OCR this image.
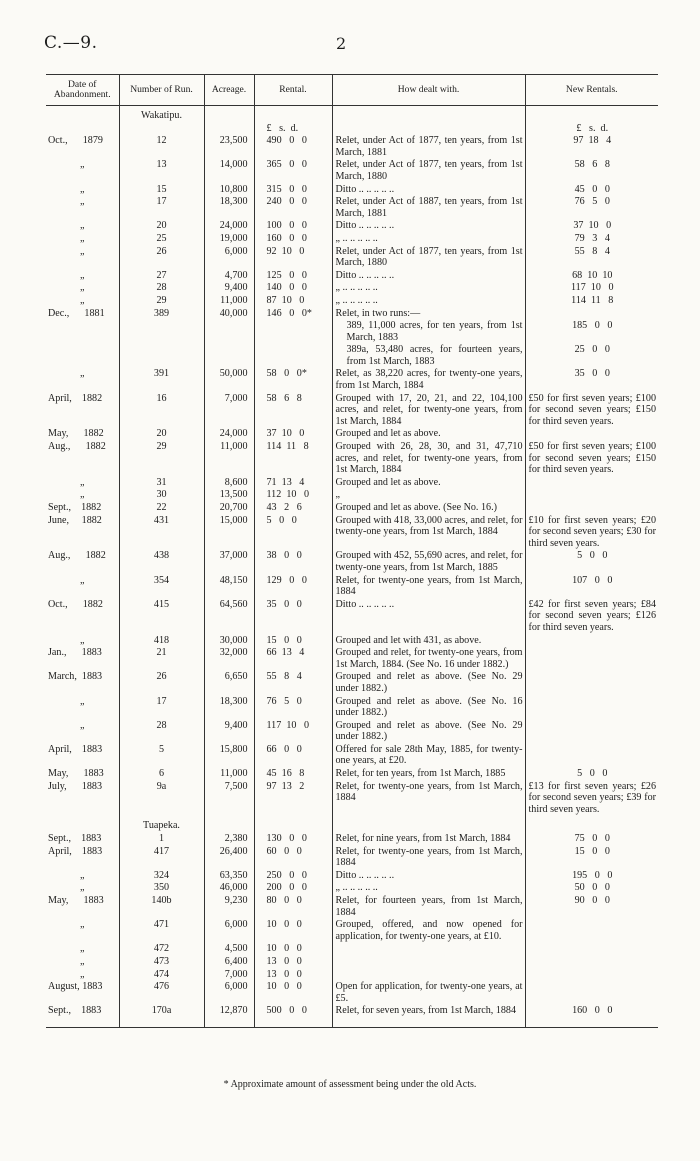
C.—9.	2
Date of Abandonment.	Number of Run.	Acreage.	Rental.	How dealt with.	New Rentals.
	Wakatipu.				
			£   s.  d.		£   s.  d.
Oct.,      1879	12	23,500	490   0   0	Relet, under Act of 1877, ten years, from 1st March, 1881	97  18   4
„	13	14,000	365   0   0	Relet, under Act of 1877, ten years, from 1st March, 1880	58   6   8
„	15	10,800	315   0   0	Ditto .. .. .. .. ..	45   0   0
„	17	18,300	240   0   0	Relet, under Act of 1887, ten years, from 1st March, 1881	76   5   0
„	20	24,000	100   0   0	Ditto .. .. .. .. ..	37  10   0
„	25	19,000	160   0   0	„ .. .. .. .. ..	79   3   4
„	26	6,000	92  10   0	Relet, under Act of 1877, ten years, from 1st March, 1880	55   8   4
„	27	4,700	125   0   0	Ditto .. .. .. .. ..	68  10  10
„	28	9,400	140   0   0	„ .. .. .. .. ..	117  10   0
„	29	11,000	87  10   0	„ .. .. .. .. ..	114  11   8
Dec.,      1881	389	40,000	146   0   0*	Relet, in two runs:—	
				389, 11,000 acres, for ten years, from 1st March, 1883	185   0   0
				389a, 53,480 acres, for fourteen years, from 1st March, 1883	25   0   0
„	391	50,000	58   0   0*	Relet, as 38,220 acres, for twenty-one years, from 1st March, 1884	35   0   0
April,    1882	16	7,000	58   6   8	Grouped with 17, 20, 21, and 22, 104,100 acres, and relet, for twenty-one years, from 1st March, 1884	£50 for first seven years; £100 for second seven years; £150 for third seven years.
May,      1882	20	24,000	37  10   0	Grouped and let as above.	
Aug.,      1882	29	11,000	114  11   8	Grouped with 26, 28, 30, and 31, 47,710 acres, and relet, for twenty-one years, from 1st March, 1884	£50 for first seven years; £100 for second seven years; £150 for third seven years.
„	31	8,600	71  13   4	Grouped and let as above.	
„	30	13,500	112  10   0	„	
Sept.,    1882	22	20,700	43   2   6	Grouped and let as above. (See No. 16.)	
June,     1882	431	15,000	5   0   0	Grouped with 418, 33,000 acres, and relet, for twenty-one years, from 1st March, 1884	£10 for first seven years; £20 for second seven years; £30 for third seven years.
Aug.,      1882	438	37,000	38   0   0	Grouped with 452, 55,690 acres, and relet, for twenty-one years, from 1st March, 1885	5   0   0
„	354	48,150	129   0   0	Relet, for twenty-one years, from 1st March, 1884	107   0   0
Oct.,      1882	415	64,560	35   0   0	Ditto .. .. .. .. ..	£42 for first seven years; £84 for second seven years; £126 for third seven years.
„	418	30,000	15   0   0	Grouped and let with 431, as above.	
Jan.,      1883	21	32,000	66  13   4	Grouped and relet, for twenty-one years, from 1st March, 1884. (See No. 16 under 1882.)	
March,  1883	26	6,650	55   8   4	Grouped and relet as above. (See No. 29 under 1882.)	
„	17	18,300	76   5   0	Grouped and relet as above. (See No. 16 under 1882.)	
„	28	9,400	117  10   0	Grouped and relet as above. (See No. 29 under 1882.)	
April,    1883	5	15,800	66   0   0	Offered for sale 28th May, 1885, for twenty-one years, at £20.	
May,      1883	6	11,000	45  16   8	Relet, for ten years, from 1st March, 1885	5   0   0
July,      1883	9a	7,500	97  13   2	Relet, for twenty-one years, from 1st March, 1884	£13 for first seven years; £26 for second seven years; £39 for third seven years.
	Tuapeka.				
Sept.,    1883	1	2,380	130   0   0	Relet, for nine years, from 1st March, 1884	75   0   0
April,    1883	417	26,400	60   0   0	Relet, for twenty-one years, from 1st March, 1884	15   0   0
„	324	63,350	250   0   0	Ditto .. .. .. .. ..	195   0   0
„	350	46,000	200   0   0	„ .. .. .. .. ..	50   0   0
May,      1883	140b	9,230	80   0   0	Relet, for fourteen years, from 1st March, 1884	90   0   0
„	471	6,000	10   0   0	Grouped, offered, and now opened for application, for twenty-one years, at £10.	
„	472	4,500	10   0   0		
„	473	6,400	13   0   0		
„	474	7,000	13   0   0		
August, 1883	476	6,000	10   0   0	Open for application, for twenty-one years, at £5.	
Sept.,    1883	170a	12,870	500   0   0	Relet, for seven years, from 1st March, 1884	160   0   0
* Approximate amount of assessment being under the old Acts.
